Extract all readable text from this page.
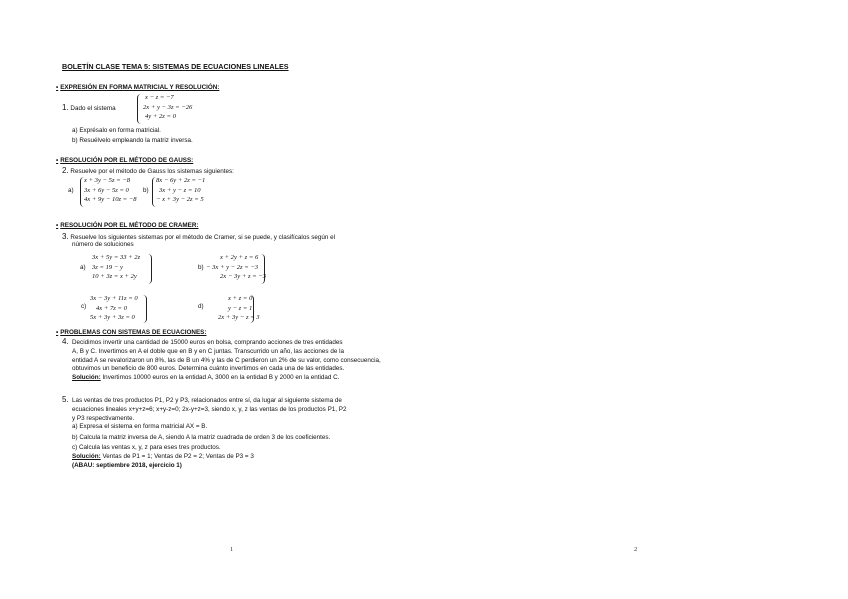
BOLETÍN CLASE TEMA 5: SISTEMAS DE ECUACIONES LINEALES
• EXPRESIÓN EN FORMA MATRICIAL Y RESOLUCIÓN:
1. Dado el sistema
x − z = −7
2x + y − 3z = −26
4y + 2z = 0
a) Exprésalo en forma matricial.
b) Resuélvelo empleando la matriz inversa.
• RESOLUCIÓN POR EL MÉTODO DE GAUSS:
2. Resuelve por el método de Gauss los sistemas siguientes:
a)
x + 3y − 5z = −8
3x + 6y − 5z = 0
4x + 9y − 10z = −8
b)
8x − 6y + 2z = −1
3x + y − z = 10
− x + 3y − 2z = 5
• RESOLUCIÓN POR EL MÉTODO DE CRAMER:
3. Resuelve los siguientes sistemas por el método de Cramer, si se puede, y clasifícalos según el
número de soluciones
a)
3x + 5y = 33 + 2z
3z = 19 − y
10 + 3z = x + 2y
b)
x + 2y + z = 6
− 3x + y − 2z = −3
2x − 3y + z = −3
c)
3x − 3y + 11z = 0
4x + 7z = 0
5x + 3y + 3z = 0
d)
x + z = 0
y − z = 1
2x + 3y − z = 3
• PROBLEMAS CON SISTEMAS DE ECUACIONES:
4. Decidimos invertir una cantidad de 15000 euros en bolsa, comprando acciones de tres entidades
A, B y C. Invertimos en A el doble que en B y en C juntas. Transcurrido un año, las acciones de la
entidad A se revalorizaron un 8%, las de B un 4% y las de C perdieron un 2% de su valor, como consecuencia,
obtuvimos un beneficio de 800 euros. Determina cuánto invertimos en cada una de las entidades.
Solución: Invertimos 10000 euros en la entidad A, 3000 en la entidad B y 2000 en la entidad C.
5. Las ventas de tres productos P1, P2 y P3, relacionados entre sí, da lugar al siguiente sistema de
ecuaciones lineales x+y+z=6; x+y-z=0; 2x-y+z=3, siendo x, y, z las ventas de los productos P1, P2
y P3 respectivamente.
a) Expresa el sistema en forma matricial AX = B.
b) Calcula la matriz inversa de A, siendo A la matriz cuadrada de orden 3 de los coeficientes.
c) Calcula las ventas x, y, z para eses tres productos.
Solución: Ventas de P1 = 1; Ventas de P2 = 2; Ventas de P3 = 3
(ABAU: septiembre 2018, ejercicio 1)
1	2
